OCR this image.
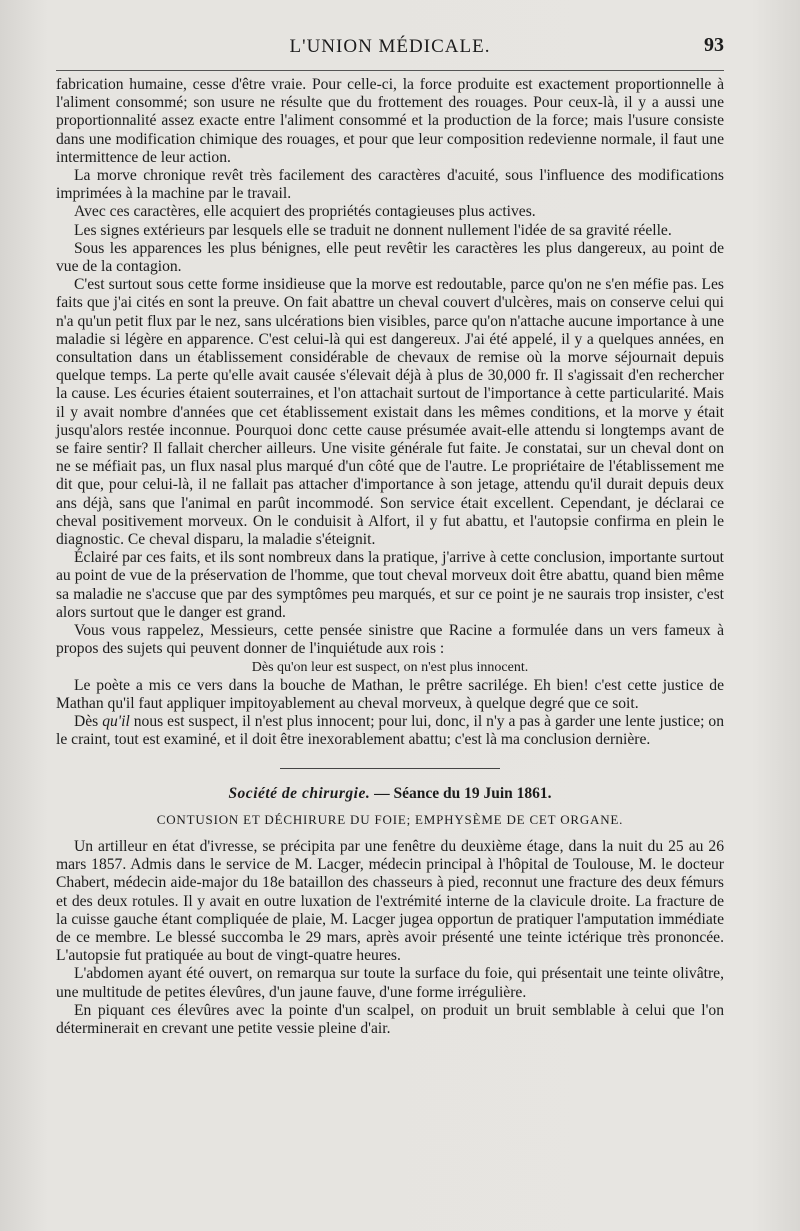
L'UNION MÉDICALE.	93

fabrication humaine, cesse d'être vraie. Pour celle-ci, la force produite est exactement proportionnelle à l'aliment consommé; son usure ne résulte que du frottement des rouages. Pour ceux-là, il y a aussi une proportionnalité assez exacte entre l'aliment consommé et la production de la force; mais l'usure consiste dans une modification chimique des rouages, et pour que leur composition redevienne normale, il faut une intermittence de leur action.

La morve chronique revêt très facilement des caractères d'acuité, sous l'influence des modifications imprimées à la machine par le travail.

Avec ces caractères, elle acquiert des propriétés contagieuses plus actives.

Les signes extérieurs par lesquels elle se traduit ne donnent nullement l'idée de sa gravité réelle.

Sous les apparences les plus bénignes, elle peut revêtir les caractères les plus dangereux, au point de vue de la contagion.

C'est surtout sous cette forme insidieuse que la morve est redoutable, parce qu'on ne s'en méfie pas. Les faits que j'ai cités en sont la preuve. On fait abattre un cheval couvert d'ulcères, mais on conserve celui qui n'a qu'un petit flux par le nez, sans ulcérations bien visibles, parce qu'on n'attache aucune importance à une maladie si légère en apparence. C'est celui-là qui est dangereux. J'ai été appelé, il y a quelques années, en consultation dans un établissement considérable de chevaux de remise où la morve séjournait depuis quelque temps. La perte qu'elle avait causée s'élevait déjà à plus de 30,000 fr. Il s'agissait d'en rechercher la cause. Les écuries étaient souterraines, et l'on attachait surtout de l'importance à cette particularité. Mais il y avait nombre d'années que cet établissement existait dans les mêmes conditions, et la morve y était jusqu'alors restée inconnue. Pourquoi donc cette cause présumée avait-elle attendu si longtemps avant de se faire sentir? Il fallait chercher ailleurs. Une visite générale fut faite. Je constatai, sur un cheval dont on ne se méfiait pas, un flux nasal plus marqué d'un côté que de l'autre. Le propriétaire de l'établissement me dit que, pour celui-là, il ne fallait pas attacher d'importance à son jetage, attendu qu'il durait depuis deux ans déjà, sans que l'animal en parût incommodé. Son service était excellent. Cependant, je déclarai ce cheval positivement morveux. On le conduisit à Alfort, il y fut abattu, et l'autopsie confirma en plein le diagnostic. Ce cheval disparu, la maladie s'éteignit.

Éclairé par ces faits, et ils sont nombreux dans la pratique, j'arrive à cette conclusion, importante surtout au point de vue de la préservation de l'homme, que tout cheval morveux doit être abattu, quand bien même sa maladie ne s'accuse que par des symptômes peu marqués, et sur ce point je ne saurais trop insister, c'est alors surtout que le danger est grand.

Vous vous rappelez, Messieurs, cette pensée sinistre que Racine a formulée dans un vers fameux à propos des sujets qui peuvent donner de l'inquiétude aux rois :

Dès qu'on leur est suspect, on n'est plus innocent.

Le poète a mis ce vers dans la bouche de Mathan, le prêtre sacrilége. Eh bien! c'est cette justice de Mathan qu'il faut appliquer impitoyablement au cheval morveux, à quelque degré que ce soit.

Dès qu'il nous est suspect, il n'est plus innocent; pour lui, donc, il n'y a pas à garder une lente justice; on le craint, tout est examiné, et il doit être inexorablement abattu; c'est là ma conclusion dernière.

Société de chirurgie. — Séance du 19 Juin 1861.
CONTUSION ET DÉCHIRURE DU FOIE; EMPHYSÈME DE CET ORGANE.

Un artilleur en état d'ivresse, se précipita par une fenêtre du deuxième étage, dans la nuit du 25 au 26 mars 1857. Admis dans le service de M. Lacger, médecin principal à l'hôpital de Toulouse, M. le docteur Chabert, médecin aide-major du 18e bataillon des chasseurs à pied, reconnut une fracture des deux fémurs et des deux rotules. Il y avait en outre luxation de l'extrémité interne de la clavicule droite. La fracture de la cuisse gauche étant compliquée de plaie, M. Lacger jugea opportun de pratiquer l'amputation immédiate de ce membre. Le blessé succomba le 29 mars, après avoir présenté une teinte ictérique très prononcée. L'autopsie fut pratiquée au bout de vingt-quatre heures.

L'abdomen ayant été ouvert, on remarqua sur toute la surface du foie, qui présentait une teinte olivâtre, une multitude de petites élevûres, d'un jaune fauve, d'une forme irrégulière.

En piquant ces élevûres avec la pointe d'un scalpel, on produit un bruit semblable à celui que l'on déterminerait en crevant une petite vessie pleine d'air.
